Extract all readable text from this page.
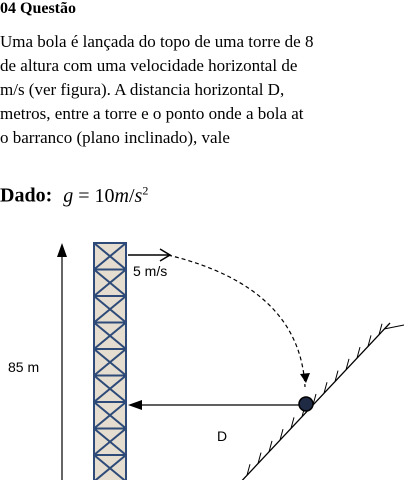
04 Questão
Uma bola é lançada do topo de uma torre de 8
de altura com uma velocidade horizontal de
m/s (ver figura). A distancia horizontal D,
metros, entre a torre e o ponto onde a bola at
o barranco (plano inclinado), vale
Dado: $g = 10m/s^2$
85 m
5 m/s
D
